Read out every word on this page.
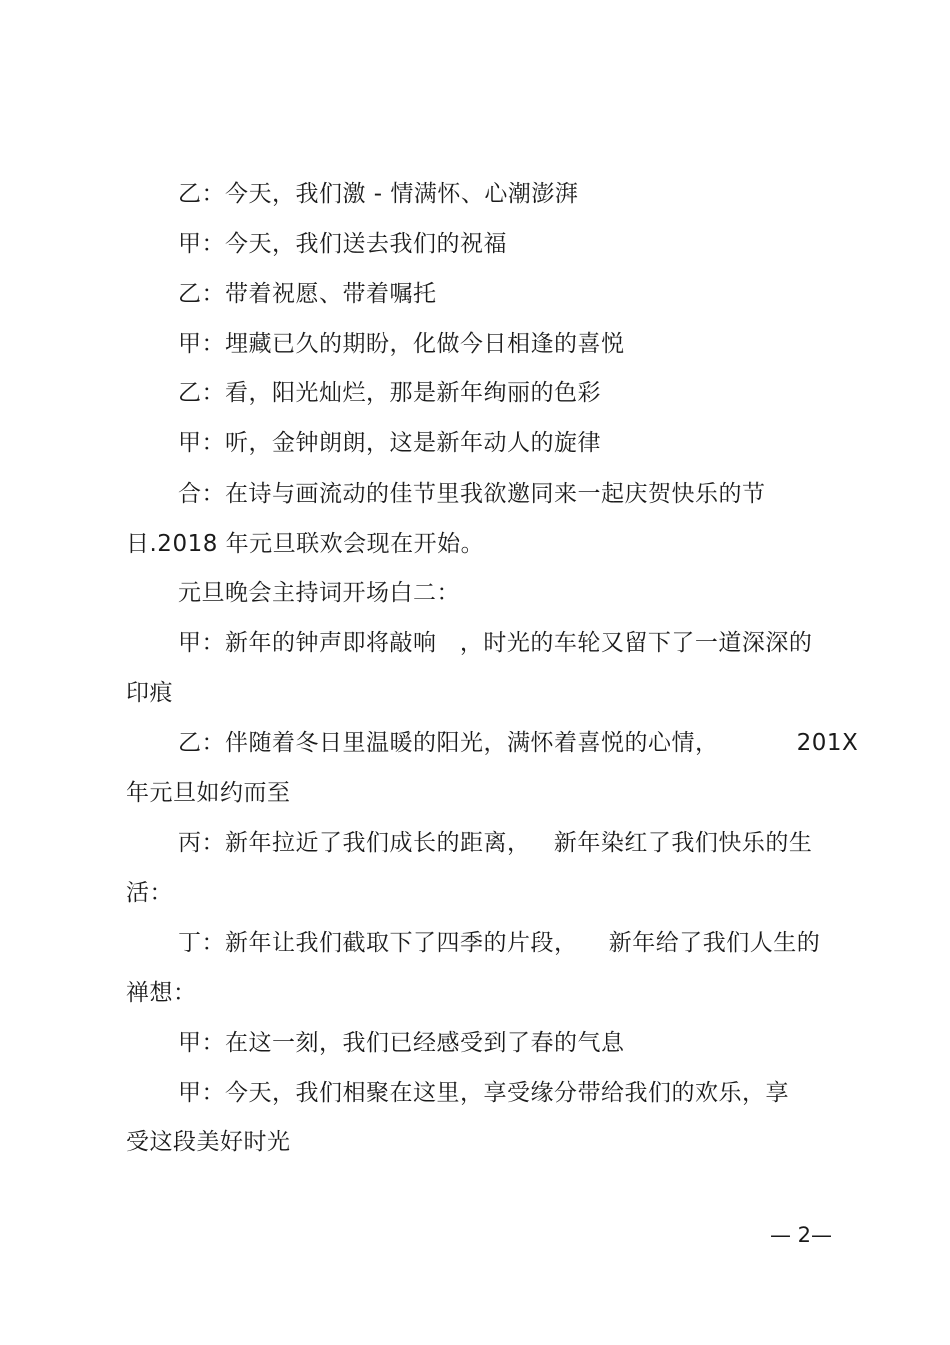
乙：今天，我们激 - 情满怀、心潮澎湃
甲：今天，我们送去我们的祝福
乙：带着祝愿、带着嘱托
甲：埋藏已久的期盼，化做今日相逢的喜悦
乙：看，阳光灿烂，那是新年绚丽的色彩
甲：听，金钟朗朗，这是新年动人的旋律
合：在诗与画流动的佳节里我欲邀同来一起庆贺快乐的节
日.2018 年元旦联欢会现在开始。
元旦晚会主持词开场白二：
甲：新年的钟声即将敲响   ，时光的车轮又留下了一道深深的
印痕
乙：伴随着冬日里温暖的阳光，满怀着喜悦的心情，          201X
年元旦如约而至
丙：新年拉近了我们成长的距离，   新年染红了我们快乐的生
活：
丁：新年让我们截取下了四季的片段，    新年给了我们人生的
禅想：
甲：在这一刻，我们已经感受到了春的气息
甲：今天，我们相聚在这里，享受缘分带给我们的欢乐，享
受这段美好时光
— 2—
